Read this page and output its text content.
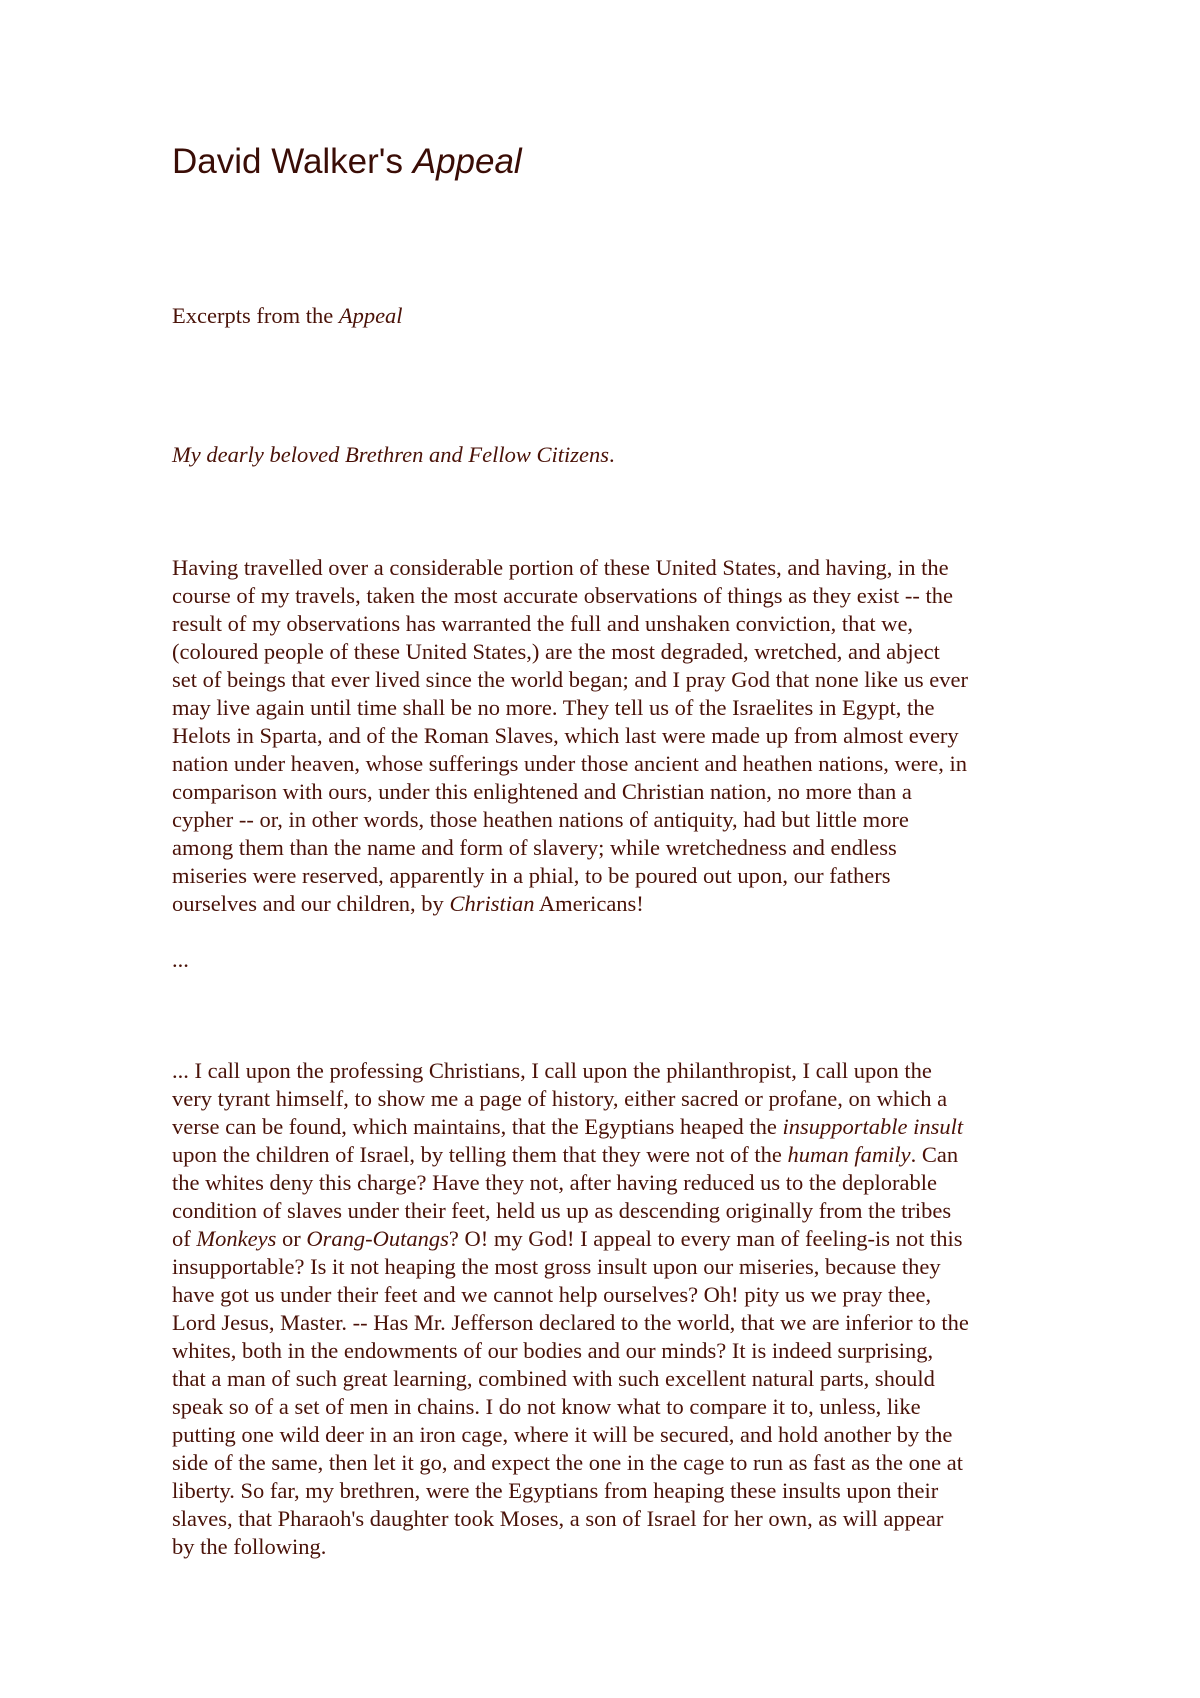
David Walker's Appeal
Excerpts from the Appeal
My dearly beloved Brethren and Fellow Citizens.
Having travelled over a considerable portion of these United States, and having, in the
course of my travels, taken the most accurate observations of things as they exist -- the
result of my observations has warranted the full and unshaken conviction, that we,
(coloured people of these United States,) are the most degraded, wretched, and abject
set of beings that ever lived since the world began; and I pray God that none like us ever
may live again until time shall be no more. They tell us of the Israelites in Egypt, the
Helots in Sparta, and of the Roman Slaves, which last were made up from almost every
nation under heaven, whose sufferings under those ancient and heathen nations, were, in
comparison with ours, under this enlightened and Christian nation, no more than a
cypher -- or, in other words, those heathen nations of antiquity, had but little more
among them than the name and form of slavery; while wretchedness and endless
miseries were reserved, apparently in a phial, to be poured out upon, our fathers
ourselves and our children, by Christian Americans!
...
... I call upon the professing Christians, I call upon the philanthropist, I call upon the
very tyrant himself, to show me a page of history, either sacred or profane, on which a
verse can be found, which maintains, that the Egyptians heaped the insupportable insult
upon the children of Israel, by telling them that they were not of the human family. Can
the whites deny this charge? Have they not, after having reduced us to the deplorable
condition of slaves under their feet, held us up as descending originally from the tribes
of Monkeys or Orang-Outangs? O! my God! I appeal to every man of feeling-is not this
insupportable? Is it not heaping the most gross insult upon our miseries, because they
have got us under their feet and we cannot help ourselves? Oh! pity us we pray thee,
Lord Jesus, Master. -- Has Mr. Jefferson declared to the world, that we are inferior to the
whites, both in the endowments of our bodies and our minds? It is indeed surprising,
that a man of such great learning, combined with such excellent natural parts, should
speak so of a set of men in chains. I do not know what to compare it to, unless, like
putting one wild deer in an iron cage, where it will be secured, and hold another by the
side of the same, then let it go, and expect the one in the cage to run as fast as the one at
liberty. So far, my brethren, were the Egyptians from heaping these insults upon their
slaves, that Pharaoh's daughter took Moses, a son of Israel for her own, as will appear
by the following.
